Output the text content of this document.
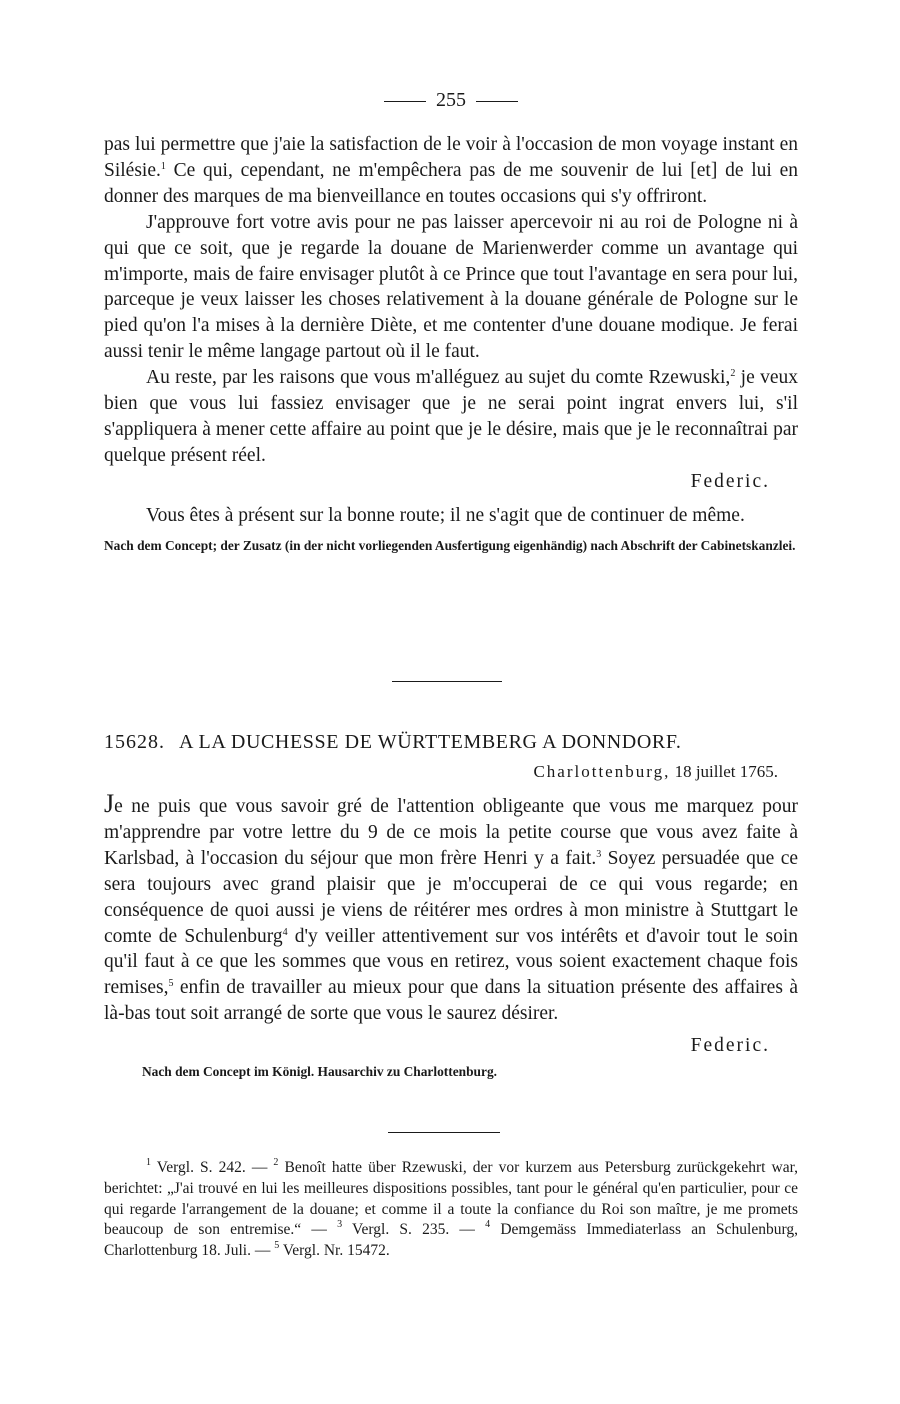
255

pas lui permettre que j'aie la satisfaction de le voir à l'occasion de mon voyage instant en Silésie.$^1$ Ce qui, cependant, ne m'empêchera pas de me souvenir de lui [et] de lui en donner des marques de ma bienveillance en toutes occasions qui s'y offriront.

J'approuve fort votre avis pour ne pas laisser apercevoir ni au roi de Pologne ni à qui que ce soit, que je regarde la douane de Marienwerder comme un avantage qui m'importe, mais de faire envisager plutôt à ce Prince que tout l'avantage en sera pour lui, parceque je veux laisser les choses relativement à la douane générale de Pologne sur le pied qu'on l'a mises à la dernière Diète, et me contenter d'une douane modique. Je ferai aussi tenir le même langage partout où il le faut.

Au reste, par les raisons que vous m'alléguez au sujet du comte Rzewuski,$^2$ je veux bien que vous lui fassiez envisager que je ne serai point ingrat envers lui, s'il s'appliquera à mener cette affaire au point que je le désire, mais que je le reconnaîtrai par quelque présent réel.

Federic.

Vous êtes à présent sur la bonne route; il ne s'agit que de continuer de même.

Nach dem Concept; der Zusatz (in der nicht vorliegenden Ausfertigung eigenhändig) nach Abschrift der Cabinetskanzlei.

15628. A LA DUCHESSE DE WÜRTTEMBERG A DONNDORF.

Charlottenburg, 18 juillet 1765.

Je ne puis que vous savoir gré de l'attention obligeante que vous me marquez pour m'apprendre par votre lettre du 9 de ce mois la petite course que vous avez faite à Karlsbad, à l'occasion du séjour que mon frère Henri y a fait.$^3$ Soyez persuadée que ce sera toujours avec grand plaisir que je m'occuperai de ce qui vous regarde; en conséquence de quoi aussi je viens de réitérer mes ordres à mon ministre à Stuttgart le comte de Schulenburg$^4$ d'y veiller attentivement sur vos intérêts et d'avoir tout le soin qu'il faut à ce que les sommes que vous en retirez, vous soient exactement chaque fois remises,$^5$ enfin de travailler au mieux pour que dans la situation présente des affaires à là-bas tout soit arrangé de sorte que vous le saurez désirer.

Federic.

Nach dem Concept im Königl. Hausarchiv zu Charlottenburg.

$^1$ Vergl. S. 242. — $^2$ Benoît hatte über Rzewuski, der vor kurzem aus Petersburg zurückgekehrt war, berichtet: „J'ai trouvé en lui les meilleures dispositions possibles, tant pour le général qu'en particulier, pour ce qui regarde l'arrangement de la douane; et comme il a toute la confiance du Roi son maître, je me promets beaucoup de son entremise.“ — $^3$ Vergl. S. 235. — $^4$ Demgemäss Immediaterlass an Schulenburg, Charlottenburg 18. Juli. — $^5$ Vergl. Nr. 15472.
